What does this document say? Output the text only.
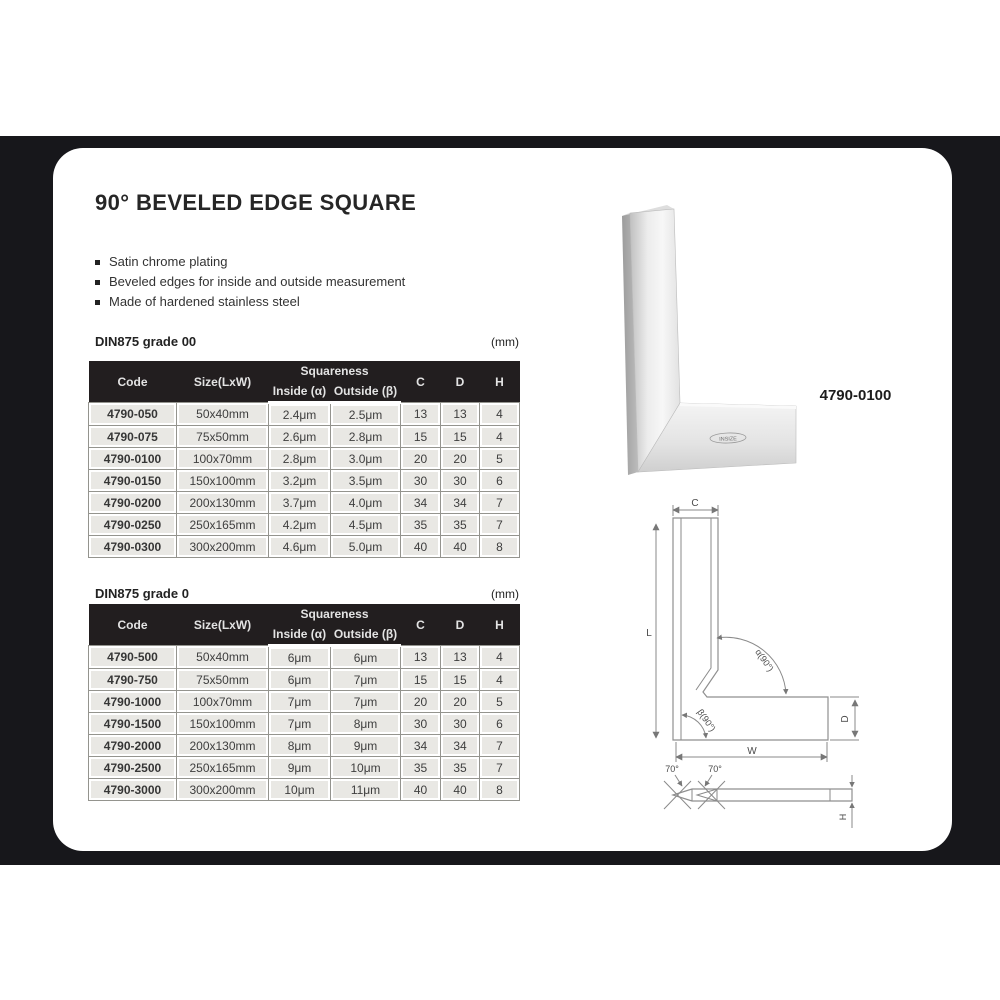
90° BEVELED EDGE SQUARE
Satin chrome plating
Beveled edges for inside and outside measurement
Made of hardened stainless steel
DIN875 grade 00	(mm)
Code	Size(LxW)	Squareness		C	D	H
		Inside (α)	Outside (β)			
4790-050	50x40mm	2.4μm	2.5μm	13	13	4
4790-075	75x50mm	2.6μm	2.8μm	15	15	4
4790-0100	100x70mm	2.8μm	3.0μm	20	20	5
4790-0150	150x100mm	3.2μm	3.5μm	30	30	6
4790-0200	200x130mm	3.7μm	4.0μm	34	34	7
4790-0250	250x165mm	4.2μm	4.5μm	35	35	7
4790-0300	300x200mm	4.6μm	5.0μm	40	40	8
DIN875 grade 0	(mm)
Code	Size(LxW)	Squareness		C	D	H
		Inside (α)	Outside (β)			
4790-500	50x40mm	6μm	6μm	13	13	4
4790-750	75x50mm	6μm	7μm	15	15	4
4790-1000	100x70mm	7μm	7μm	20	20	5
4790-1500	150x100mm	7μm	8μm	30	30	6
4790-2000	200x130mm	8μm	9μm	34	34	7
4790-2500	250x165mm	9μm	10μm	35	35	7
4790-3000	300x200mm	10μm	11μm	40	40	8
INSIZE
4790-0100
C
L
W
D
α(90°)
β(90°)
70°	70°
H
